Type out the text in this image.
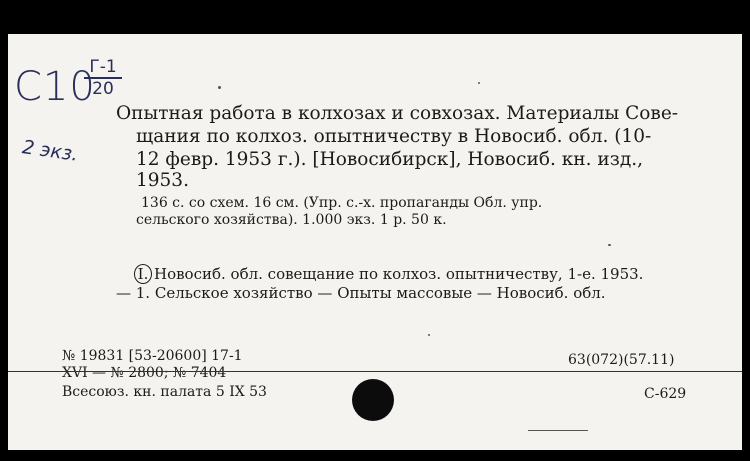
С10
Г-1
20
2 экз.
Опытная работа в колхозах и совхозах. Материалы Сове-
щания по колхоз. опытничеству в Новосиб. обл. (10-
12 февр. 1953 г.). [Новосибирск], Новосиб. кн. изд.,
1953.
136 с. со схем. 16 см. (Упр. с.-х. пропаганды Обл. упр.
сельского хозяйства). 1.000 экз. 1 р. 50 к.
I. Новосиб. обл. совещание по колхоз. опытничеству, 1-е. 1953.
— 1. Сельское хозяйство — Опыты массовые — Новосиб. обл.
№ 19831 [53-20600] 17-1
XVI — № 2800; № 7404
Всесоюз. кн. палата 5 IX 53
63(072)(57.11)
С-629
